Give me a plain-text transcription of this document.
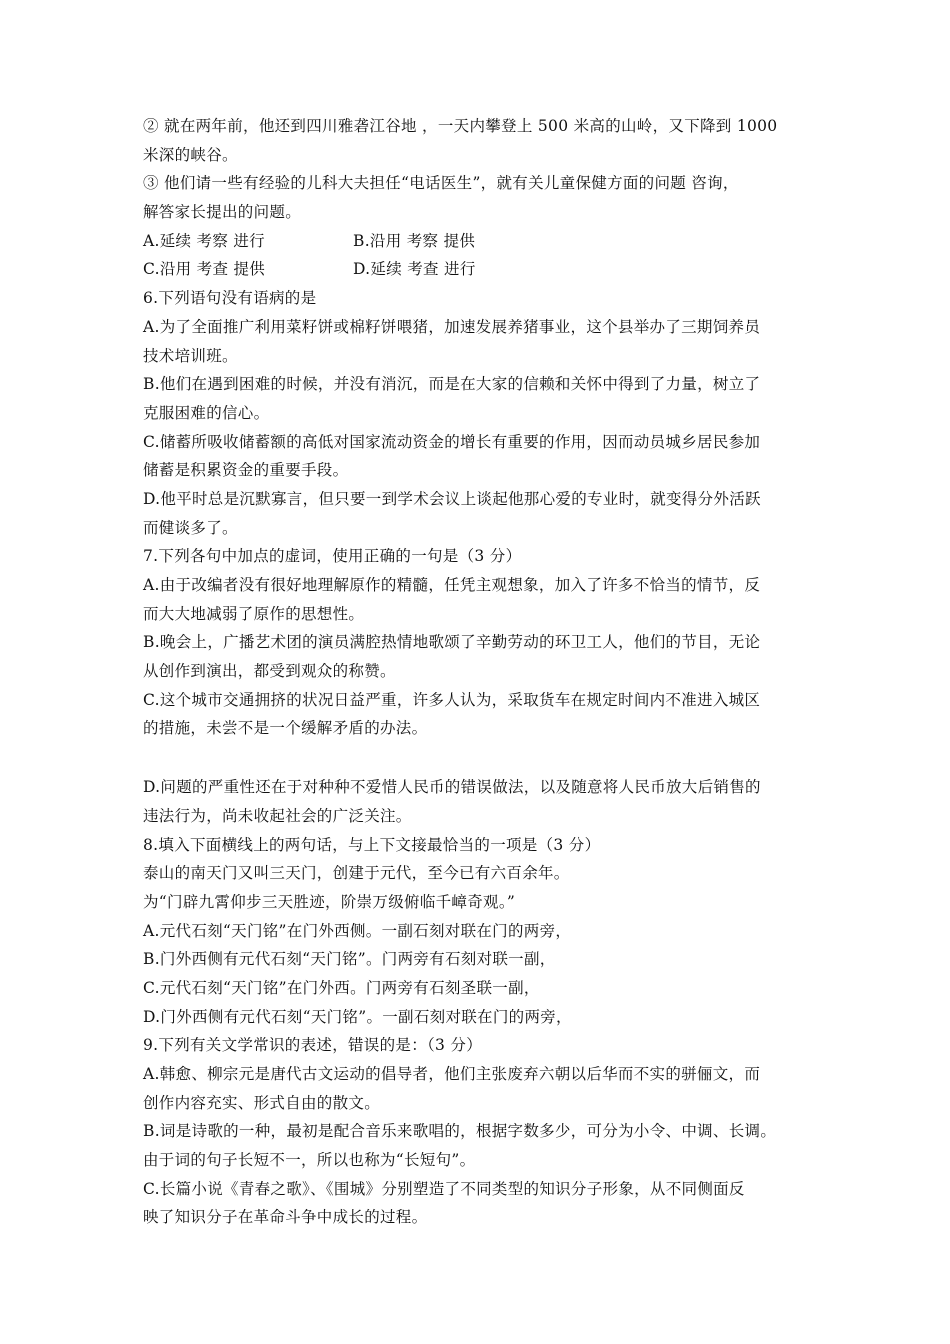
② 就在两年前，他还到四川雅砻江谷地 ，一天内攀登上 500 米高的山岭，又下降到 1000
米深的峡谷。
③ 他们请一些有经验的儿科大夫担任“电话医生”，就有关儿童保健方面的问题 咨询，
解答家长提出的问题。
A.延续 考察 进行	B.沿用 考察 提供
C.沿用 考查 提供	D.延续 考查 进行
6.下列语句没有语病的是
A.为了全面推广利用菜籽饼或棉籽饼喂猪，加速发展养猪事业，这个县举办了三期饲养员
技术培训班。
B.他们在遇到困难的时候，并没有消沉，而是在大家的信赖和关怀中得到了力量，树立了
克服困难的信心。
C.储蓄所吸收储蓄额的高低对国家流动资金的增长有重要的作用，因而动员城乡居民参加
储蓄是积累资金的重要手段。
D.他平时总是沉默寡言，但只要一到学术会议上谈起他那心爱的专业时，就变得分外活跃
而健谈多了。
7.下列各句中加点的虚词，使用正确的一句是（3 分）
A.由于改编者没有很好地理解原作的精髓，任凭主观想象，加入了许多不恰当的情节，反
而大大地减弱了原作的思想性。
B.晚会上，广播艺术团的演员满腔热情地歌颂了辛勤劳动的环卫工人，他们的节目，无论
从创作到演出，都受到观众的称赞。
C.这个城市交通拥挤的状况日益严重，许多人认为，采取货车在规定时间内不准进入城区
的措施，未尝不是一个缓解矛盾的办法。
D.问题的严重性还在于对种种不爱惜人民币的错误做法，以及随意将人民币放大后销售的
违法行为，尚未收起社会的广泛关注。
8.填入下面横线上的两句话，与上下文接最恰当的一项是（3 分）
泰山的南天门又叫三天门，创建于元代，至今已有六百余年。
为“门辟九霄仰步三天胜迹，阶崇万级俯临千嶂奇观。”
A.元代石刻“天门铭”在门外西侧。一副石刻对联在门的两旁，
B.门外西侧有元代石刻“天门铭”。门两旁有石刻对联一副，
C.元代石刻“天门铭”在门外西。门两旁有石刻圣联一副，
D.门外西侧有元代石刻“天门铭”。一副石刻对联在门的两旁，
9.下列有关文学常识的表述，错误的是：（3 分）
A.韩愈、柳宗元是唐代古文运动的倡导者，他们主张废弃六朝以后华而不实的骈俪文，而
创作内容充实、形式自由的散文。
B.词是诗歌的一种，最初是配合音乐来歌唱的，根据字数多少，可分为小令、中调、长调。
由于词的句子长短不一，所以也称为“长短句”。
C.长篇小说《青春之歌》、《围城》分别塑造了不同类型的知识分子形象，从不同侧面反
映了知识分子在革命斗争中成长的过程。
